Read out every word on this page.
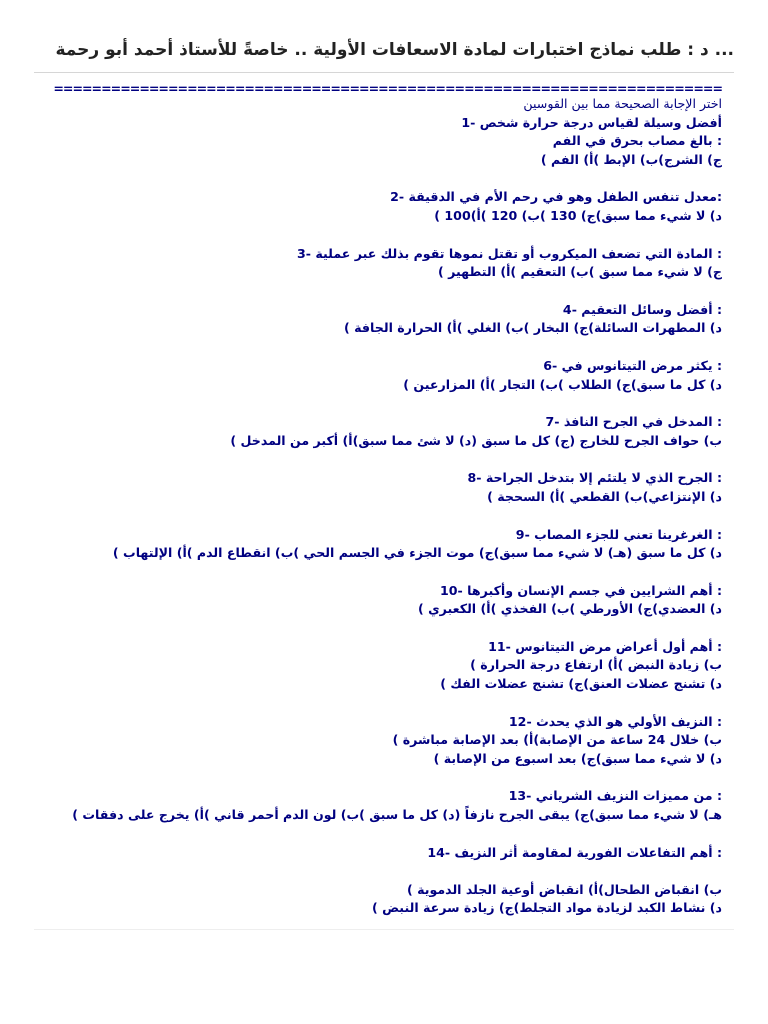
... د : طلب نماذج اختبارات لمادة الاسعافات الأولية .. خاصةً للأستاذ أحمد أبو رحمة
======================================================================
اختر الإجابة الصحيحة مما بين القوسين
أفضل وسيلة لقياس درجة حرارة شخص -1
: بالغ مصاب بحرق في الفم
ج) الشرج)ب) الإبط )أ) الفم )
:معدل تنفس الطفل وهو في رحم الأم في الدقيقة -2
د) لا شيء مما سبق)ج) 130 )ب) 120 )أ)100 )
: المادة التي تضعف الميكروب أو تقتل نموها تقوم بذلك عبر عملية -3
ج) لا شيء مما سبق )ب) التعقيم )أ) التطهير )
: أفضل وسائل التعقيم -4
د) المطهرات السائلة)ج) البخار )ب) الغلي )أ) الحرارة الجافة )
: يكثر مرض التيتانوس في -6
د) كل ما سبق)ج) الطلاب )ب) التجار )أ) المزارعين )
: المدخل في الجرح النافذ -7
ب) حواف الجرح للخارج (ج) كل ما سبق (د) لا شئ مما سبق)أ) أكبر من المدخل )
: الجرح الذي لا يلتئم إلا بتدخل الجراحة -8
د) الإنتزاعي)ب) القطعي )أ) السحجة )
: الغرغرينا تعني للجزء المصاب -9
د) كل ما سبق (هـ) لا شيء مما سبق)ج) موت الجزء في الجسم الحي )ب) انقطاع الدم )أ) الإلتهاب )
: أهم الشرايين في جسم الإنسان وأكبرها -10
د) العضدي)ج) الأورطي )ب) الفخذي )أ) الكعبري )
: أهم أول أعراض مرض التيتانوس -11
ب) زيادة النبض )أ) ارتفاع درجة الحرارة )
د) تشنج عضلات العنق)ج) تشنج عضلات الفك )
: النزيف الأولي هو الذي يحدث -12
ب) خلال 24 ساعة من الإصابة)أ) بعد الإصابة مباشرة )
د) لا شيء مما سبق)ج) بعد اسبوع من الإصابة )
: من مميزات النزيف الشرياني -13
هـ) لا شيء مما سبق)ج) يبقى الجرح نازفاً (د) كل ما سبق )ب) لون الدم أحمر قاني )أ) يخرج على دفقات )
: أهم التفاعلات الفورية لمقاومة أثر النزيف -14
ب) انقباض الطحال)أ) انقباض أوعية الجلد الدموية )
د) نشاط الكبد لزيادة مواد التجلط)ج) زيادة سرعة النبض )
